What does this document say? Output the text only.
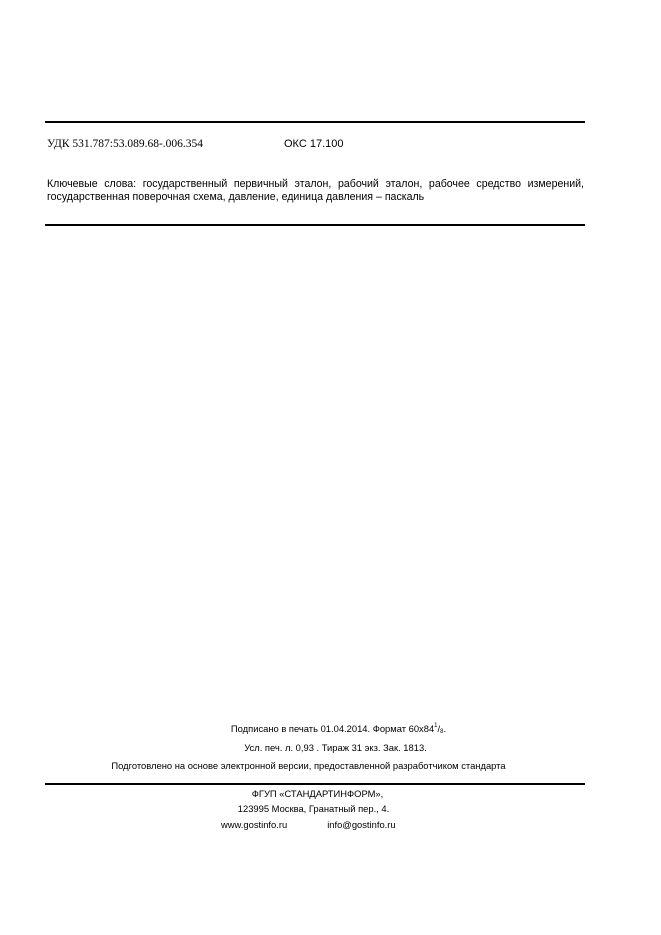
УДК 531.787:53.089.68-.006.354	ОКС 17.100
Ключевые слова: государственный первичный эталон, рабочий эталон, рабочее средство измерений,
государственная поверочная схема, давление, единица давления – паскаль
Подписано в печать 01.04.2014. Формат $60х84^1/_8$.
Усл. печ. л. 0,93 . Тираж 31 экз. Зак. 1813.
Подготовлено на основе электронной версии, предоставленной разработчиком стандарта
ФГУП «СТАНДАРТИНФОРМ»,
123995 Москва, Гранатный пер., 4.
www.gostinfo.ru	info@gostinfo.ru
